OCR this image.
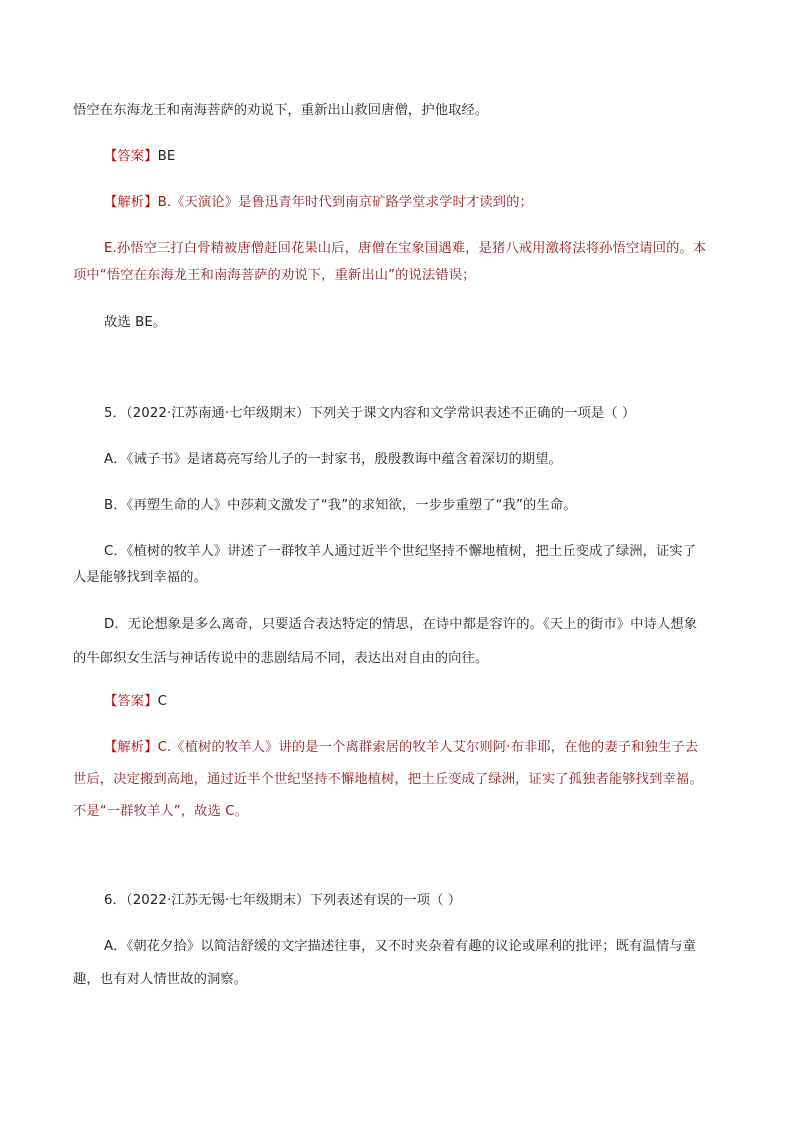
悟空在东海龙王和南海菩萨的劝说下，重新出山救回唐僧，护他取经。
【答案】BE
【解析】B.《天演论》是鲁迅青年时代到南京矿路学堂求学时才读到的；
E.孙悟空三打白骨精被唐僧赶回花果山后，唐僧在宝象国遇难，是猪八戒用激将法将孙悟空请回的。本
项中“悟空在东海龙王和南海菩萨的劝说下，重新出山”的说法错误；
故选 BE。
5．（2022·江苏南通·七年级期末）下列关于课文内容和文学常识表述不正确的一项是（ ）
A．《诫子书》是诸葛亮写给儿子的一封家书，殷殷教诲中蕴含着深切的期望。
B．《再塑生命的人》中莎莉文激发了“我”的求知欲，一步步重塑了“我”的生命。
C．《植树的牧羊人》讲述了一群牧羊人通过近半个世纪坚持不懈地植树，把土丘变成了绿洲，证实了
人是能够找到幸福的。
D．无论想象是多么离奇，只要适合表达特定的情思，在诗中都是容许的。《天上的街市》中诗人想象
的牛郎织女生活与神话传说中的悲剧结局不同，表达出对自由的向往。
【答案】C
【解析】C.《植树的牧羊人》讲的是一个离群索居的牧羊人艾尔则阿·布非耶，在他的妻子和独生子去
世后，决定搬到高地，通过近半个世纪坚持不懈地植树，把土丘变成了绿洲，证实了孤独者能够找到幸福。
不是“一群牧羊人”，故选 C。
6．（2022·江苏无锡·七年级期末）下列表述有误的一项（ ）
A．《朝花夕拾》以简洁舒缓的文字描述往事，又不时夹杂着有趣的议论或犀利的批评；既有温情与童
趣，也有对人情世故的洞察。
